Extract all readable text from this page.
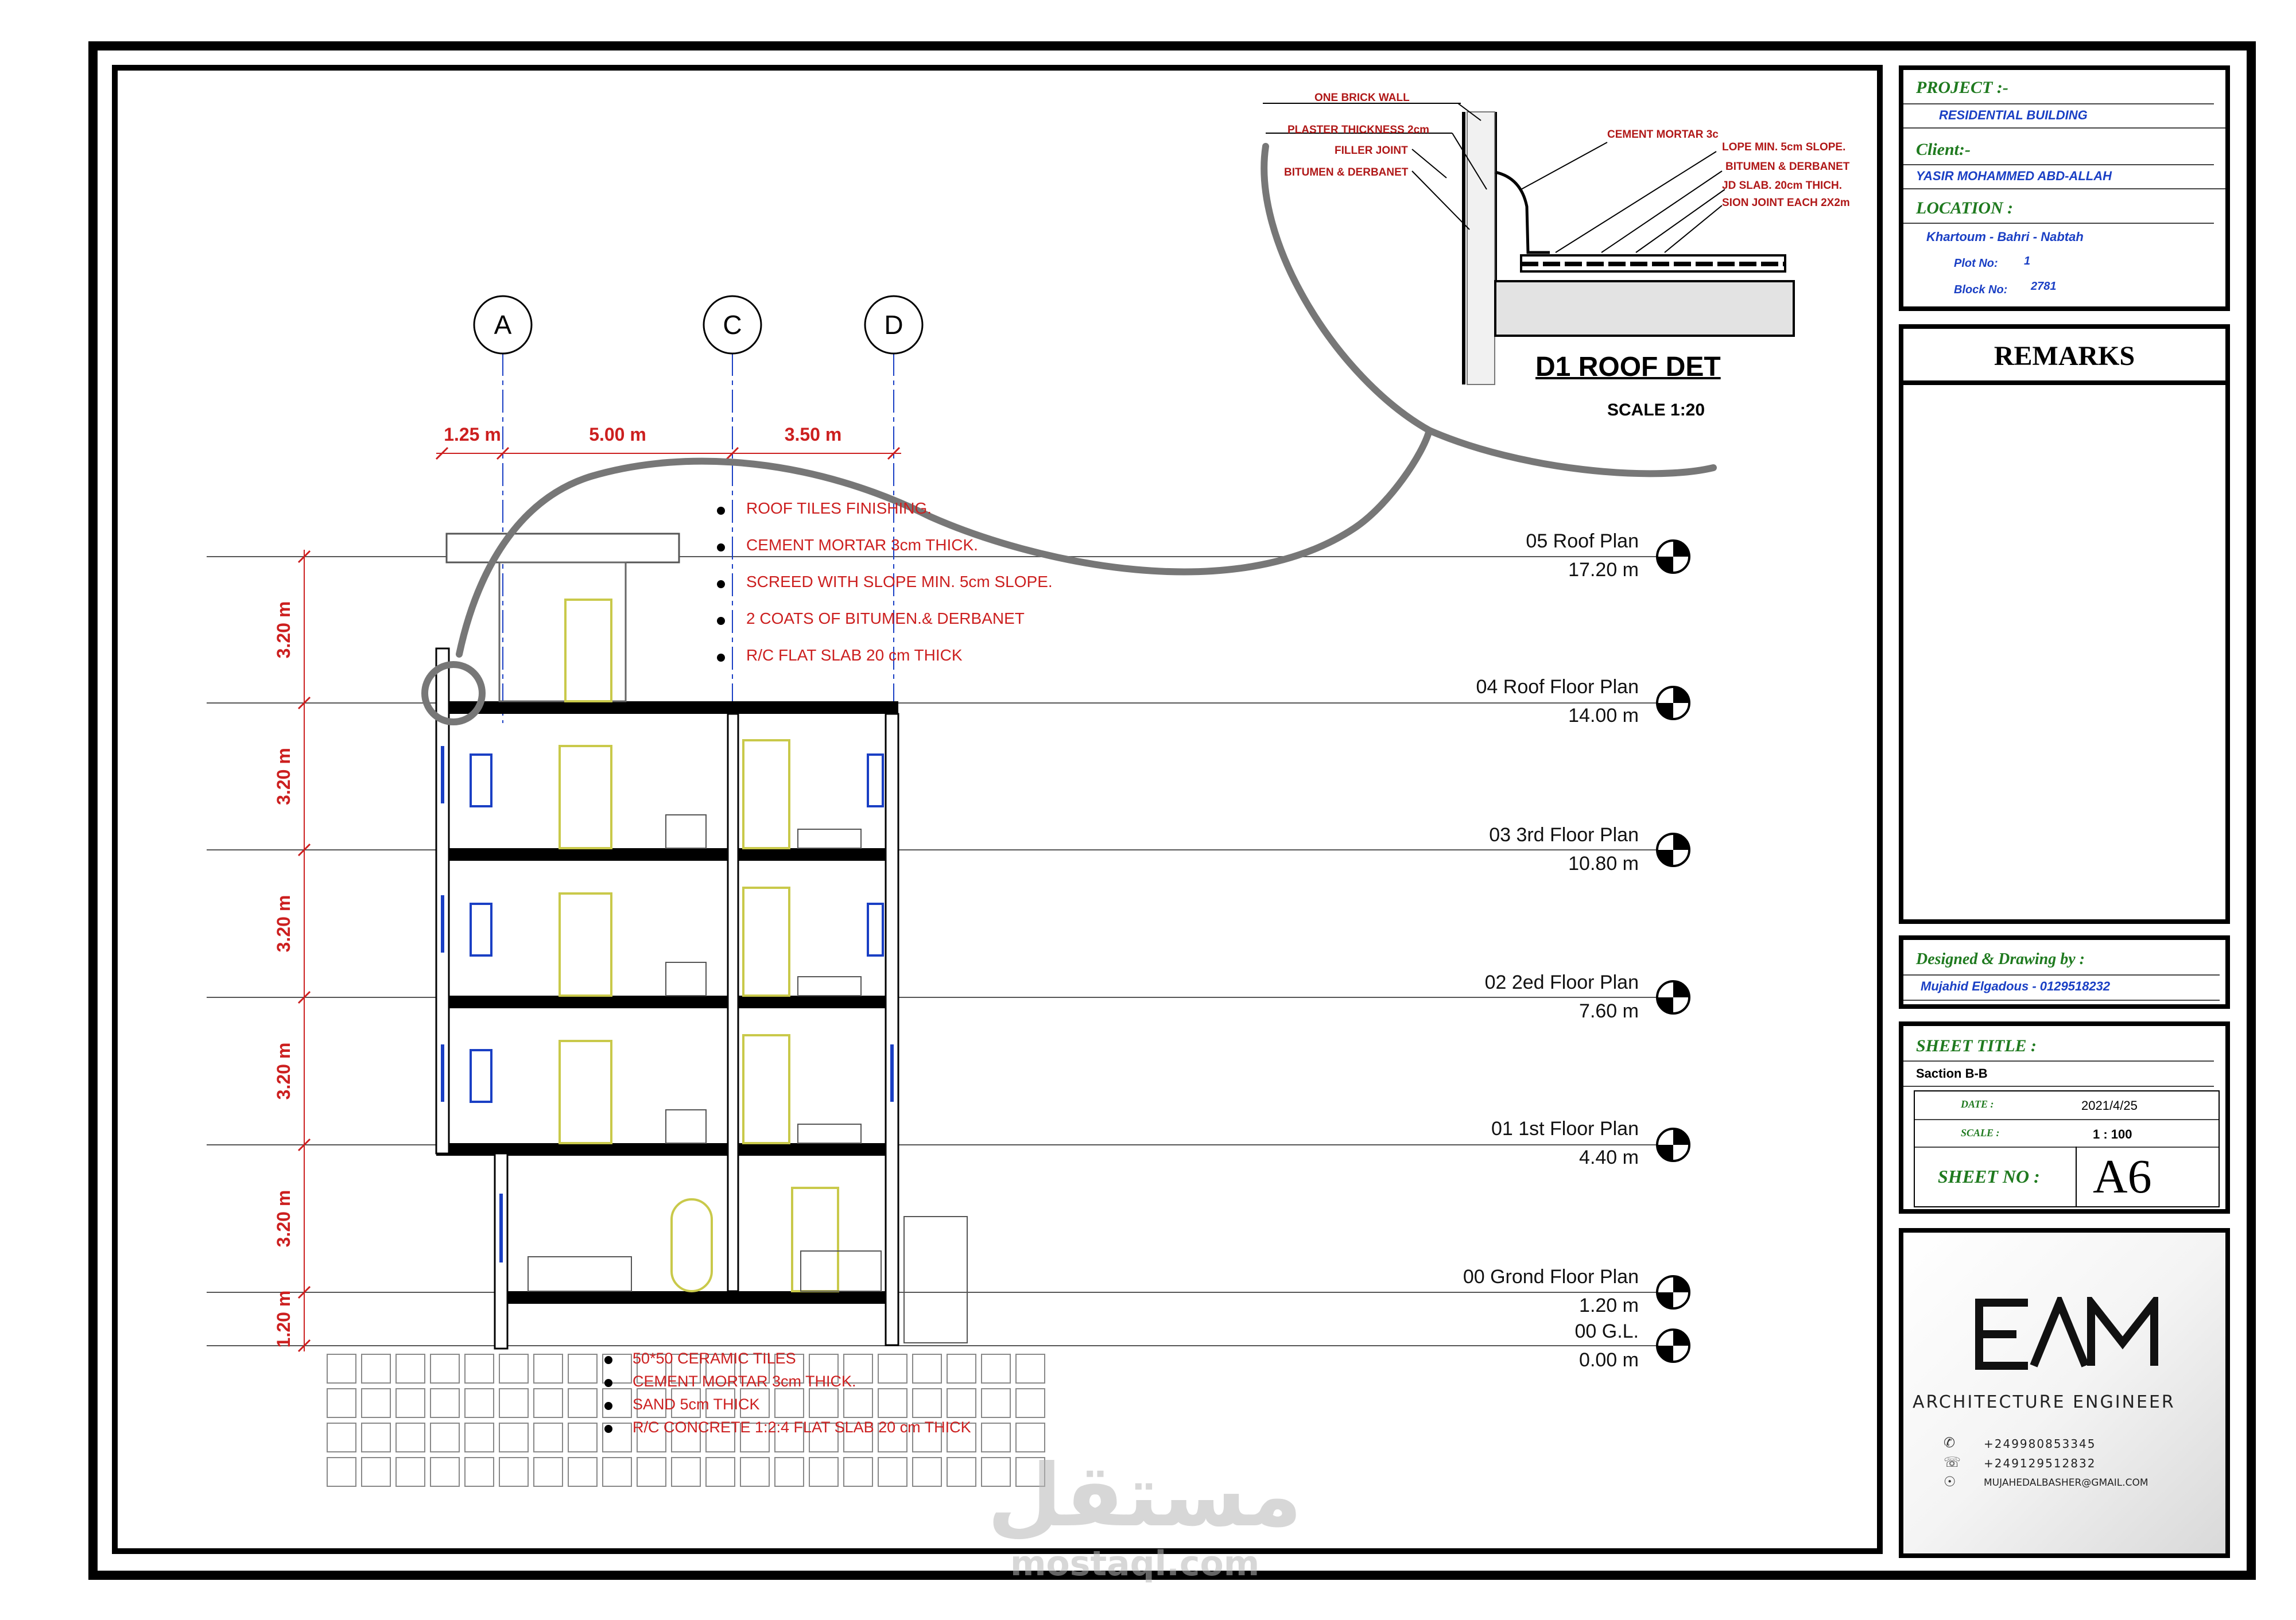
1.25 m	5.00 m	3.50 m
3.20 m
3.20 m
3.20 m
3.20 m
3.20 m
1.20 m
A	C	D
ROOF TILES FINISHING.
CEMENT MORTAR 3cm THICK.
SCREED WITH SLOPE MIN. 5cm SLOPE.
2 COATS OF BITUMEN.& DERBANET
R/C FLAT SLAB 20 cm THICK
50*50 CERAMIC TILES
CEMENT MORTAR 3cm THICK.
SAND 5cm THICK
R/C CONCRETE 1:2:4 FLAT SLAB 20 cm THICK
05 Roof Plan
17.20 m
04 Roof Floor Plan
14.00 m
03 3rd Floor Plan
10.80 m
02 2ed Floor Plan
7.60 m
01 1st Floor Plan
4.40 m
00 Grond Floor Plan
1.20 m
00 G.L.
0.00 m
ONE BRICK WALL
PLASTER THICKNESS 2cm
FILLER JOINT
BITUMEN & DERBANET
CEMENT MORTAR 3c
LOPE MIN. 5cm SLOPE.
BITUMEN & DERBANET
JD SLAB. 20cm THICH.
SION JOINT EACH 2X2m
D1 ROOF DET
SCALE 1:20
PROJECT :-
RESIDENTIAL BUILDING
Client:-
YASIR MOHAMMED ABD-ALLAH
LOCATION :
Khartoum - Bahri - Nabtah
Plot No: 1
Block No: 2781
REMARKS
Designed & Drawing by :
Mujahid Elgadous - 0129518232
SHEET TITLE :
Saction B-B
DATE :	2021/4/25
SCALE :	1 : 100
SHEET NO : A6
ARCHITECTURE ENGINEER
✆ +249980853345
☏ +249129512832
☉	MUJAHEDALBASHER@GMAIL.COM
مستقل
mostaql.com
